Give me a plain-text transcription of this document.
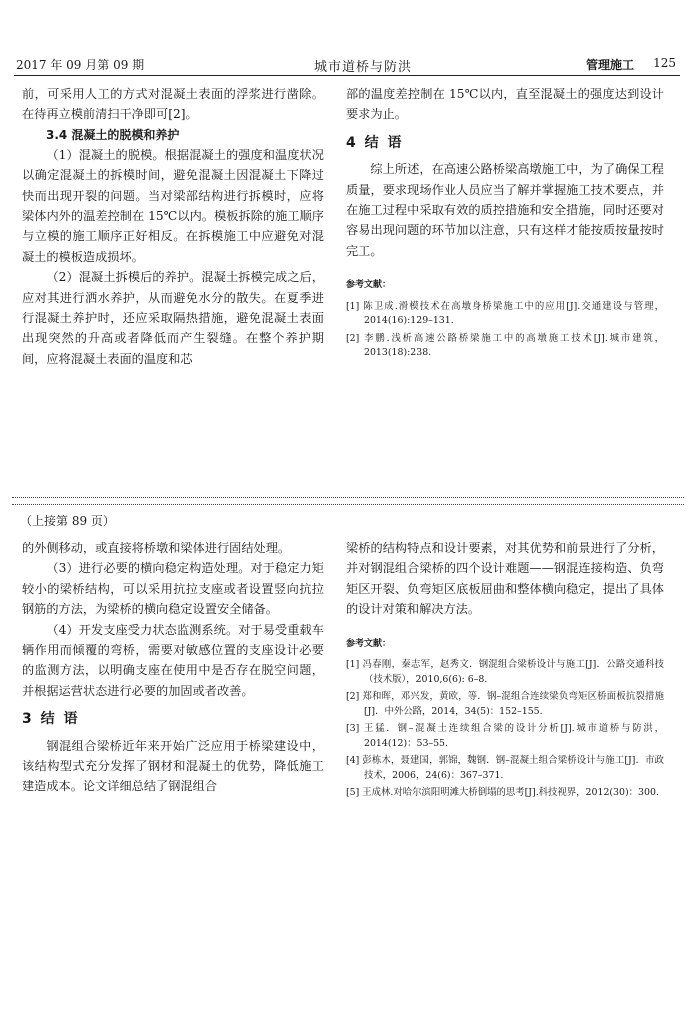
2017 年 09 月第 09 期	城市道桥与防洪	管理施工 125

前，可采用人工的方式对混凝土表面的浮浆进行凿除。在待再立模前清扫干净即可[2]。

3.4 混凝土的脱模和养护

（1）混凝土的脱模。根据混凝土的强度和温度状况以确定混凝土的拆模时间，避免混凝土因混凝土下降过快而出现开裂的问题。当对梁部结构进行拆模时，应将梁体内外的温差控制在 15℃以内。模板拆除的施工顺序与立模的施工顺序正好相反。在拆模施工中应避免对混凝土的模板造成损坏。

（2）混凝土拆模后的养护。混凝土拆模完成之后，应对其进行洒水养护，从而避免水分的散失。在夏季进行混凝土养护时，还应采取隔热措施，避免混凝土表面出现突然的升高或者降低而产生裂缝。在整个养护期间，应将混凝土表面的温度和芯

部的温度差控制在 15℃以内，直至混凝土的强度达到设计要求为止。

4 结 语

综上所述，在高速公路桥梁高墩施工中，为了确保工程质量，要求现场作业人员应当了解并掌握施工技术要点，并在施工过程中采取有效的质控措施和安全措施，同时还要对容易出现问题的环节加以注意，只有这样才能按质按量按时完工。

参考文献：
[1] 陈卫成.滑模技术在高墩身桥梁施工中的应用[J].交通建设与管理，2014(16):129–131.
[2] 李鹏.浅析高速公路桥梁施工中的高墩施工技术[J].城市建筑，2013(18):238.
（上接第 89 页）

的外侧移动，或直接将桥墩和梁体进行固结处理。

（3）进行必要的横向稳定构造处理。对于稳定力矩较小的梁桥结构，可以采用抗拉支座或者设置竖向抗拉钢筋的方法，为梁桥的横向稳定设置安全储备。

（4）开发支座受力状态监测系统。对于易受重载车辆作用而倾覆的弯桥，需要对敏感位置的支座设计必要的监测方法，以明确支座在使用中是否存在脱空问题，并根据运营状态进行必要的加固或者改善。

3 结 语

钢混组合梁桥近年来开始广泛应用于桥梁建设中，该结构型式充分发挥了钢材和混凝土的优势，降低施工建造成本。论文详细总结了钢混组合

梁桥的结构特点和设计要素，对其优势和前景进行了分析，并对钢混组合梁桥的四个设计难题——钢混连接构造、负弯矩区开裂、负弯矩区底板屈曲和整体横向稳定，提出了具体的设计对策和解决方法。

参考文献：
[1] 冯春刚，秦志军，赵秀文．钢混组合梁桥设计与施工[J]．公路交通科技（技术版），2010,6(6): 6–8.
[2] 郑和晖，邓兴发，黄欧，等．钢–混组合连续梁负弯矩区桥面板抗裂措施[J]．中外公路，2014，34(5)：152–155.
[3] 王猛．钢–混凝土连续组合梁的设计分析[J].城市道桥与防洪，2014(12)：53–55.
[4] 彭栋木，聂建国，郭锦，魏钢．钢–混凝土组合梁桥设计与施工[J]．市政技术，2006，24(6)：367–371.
[5] 王成林.对哈尔滨阳明滩大桥倒塌的思考[J].科技视界，2012(30)：300.
